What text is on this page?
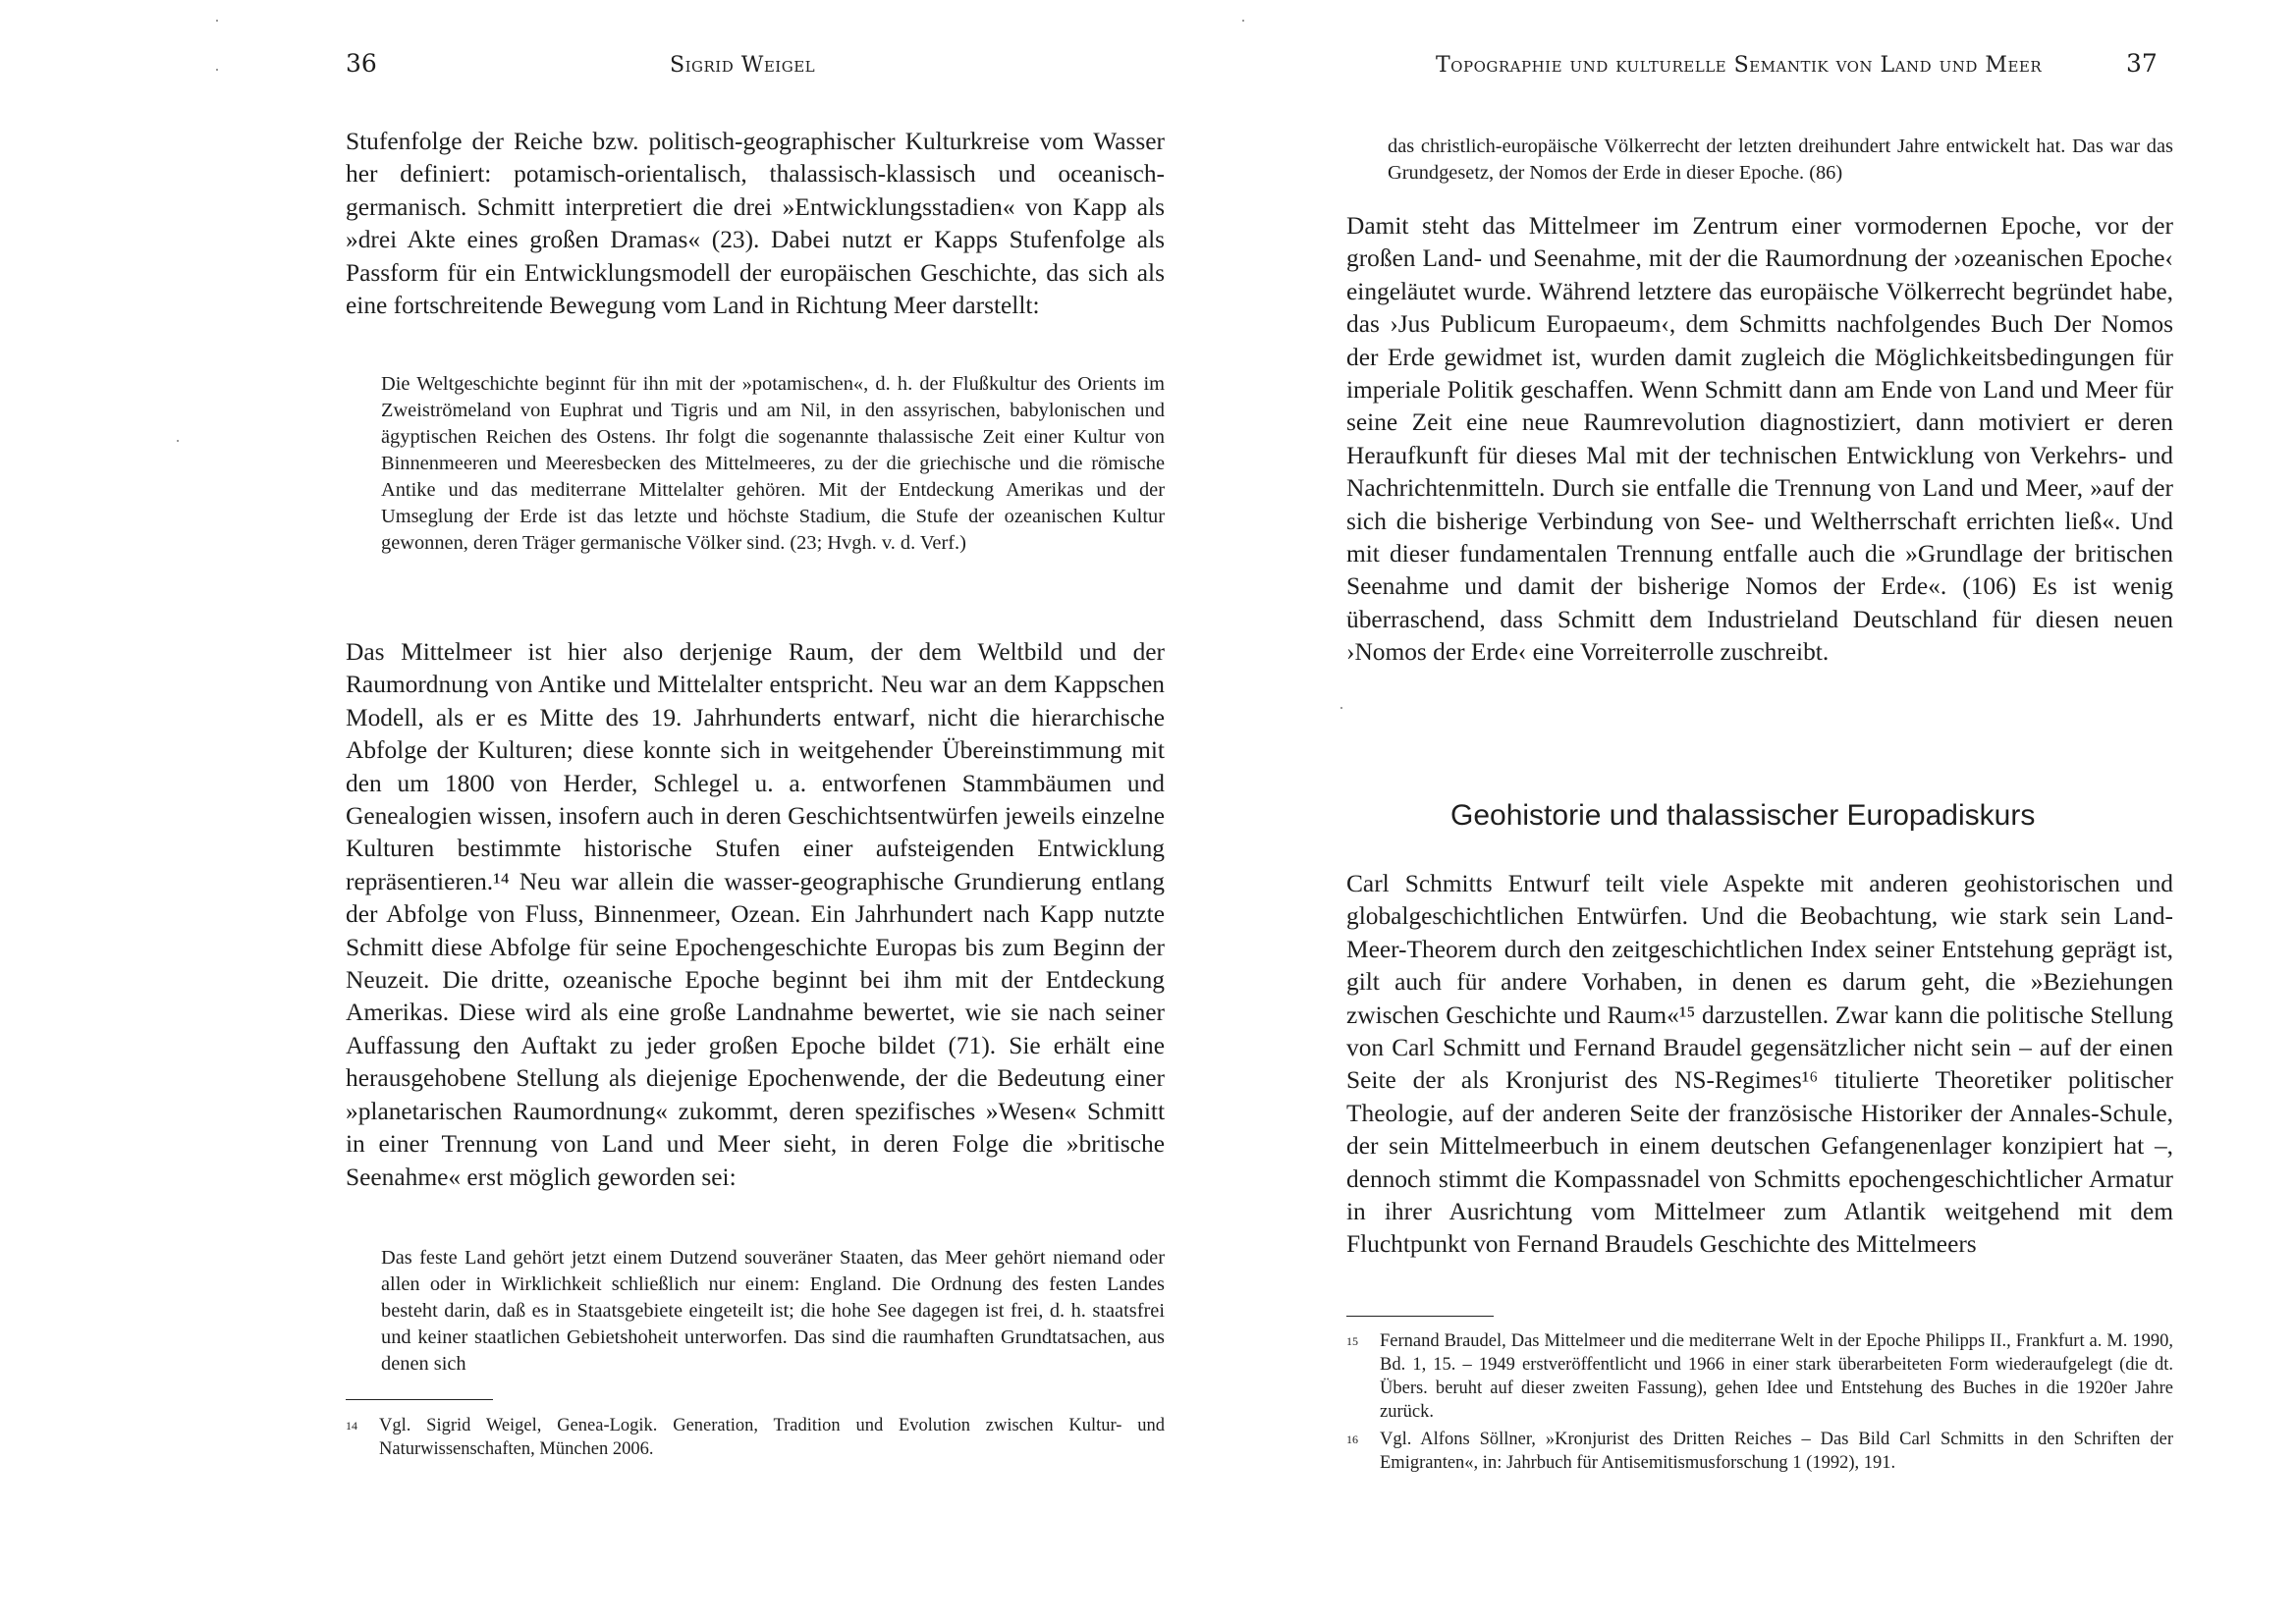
36	Sigrid Weigel
Stufenfolge der Reiche bzw. politisch-geographischer Kulturkreise vom Wasser her definiert: potamisch-orientalisch, thalassisch-klassisch und oceanisch-germanisch. Schmitt interpretiert die drei »Entwicklungsstadien« von Kapp als »drei Akte eines großen Dramas« (23). Dabei nutzt er Kapps Stufenfolge als Passform für ein Entwicklungsmodell der europäischen Geschichte, das sich als eine fortschreitende Bewegung vom Land in Richtung Meer darstellt:
Die Weltgeschichte beginnt für ihn mit der »potamischen«, d. h. der Flußkultur des Orients im Zweiströmeland von Euphrat und Tigris und am Nil, in den assyrischen, babylonischen und ägyptischen Reichen des Ostens. Ihr folgt die sogenannte thalassische Zeit einer Kultur von Binnenmeeren und Meeresbecken des Mittelmeeres, zu der die griechische und die römische Antike und das mediterrane Mittelalter gehören. Mit der Entdeckung Amerikas und der Umseglung der Erde ist das letzte und höchste Stadium, die Stufe der ozeanischen Kultur gewonnen, deren Träger germanische Völker sind. (23; Hvgh. v. d. Verf.)
Das Mittelmeer ist hier also derjenige Raum, der dem Weltbild und der Raumordnung von Antike und Mittelalter entspricht. Neu war an dem Kappschen Modell, als er es Mitte des 19. Jahrhunderts entwarf, nicht die hierarchische Abfolge der Kulturen; diese konnte sich in weitgehender Übereinstimmung mit den um 1800 von Herder, Schlegel u. a. entworfenen Stammbäumen und Genealogien wissen, insofern auch in deren Geschichtsentwürfen jeweils einzelne Kulturen bestimmte historische Stufen einer aufsteigenden Entwicklung repräsentieren.¹⁴ Neu war allein die wasser-geographische Grundierung entlang der Abfolge von Fluss, Binnenmeer, Ozean. Ein Jahrhundert nach Kapp nutzte Schmitt diese Abfolge für seine Epochengeschichte Europas bis zum Beginn der Neuzeit. Die dritte, ozeanische Epoche beginnt bei ihm mit der Entdeckung Amerikas. Diese wird als eine große Landnahme bewertet, wie sie nach seiner Auffassung den Auftakt zu jeder großen Epoche bildet (71). Sie erhält eine herausgehobene Stellung als diejenige Epochenwende, der die Bedeutung einer »planetarischen Raumordnung« zukommt, deren spezifisches »Wesen« Schmitt in einer Trennung von Land und Meer sieht, in deren Folge die »britische Seenahme« erst möglich geworden sei:
Das feste Land gehört jetzt einem Dutzend souveräner Staaten, das Meer gehört niemand oder allen oder in Wirklichkeit schließlich nur einem: England. Die Ordnung des festen Landes besteht darin, daß es in Staatsgebiete eingeteilt ist; die hohe See dagegen ist frei, d. h. staatsfrei und keiner staatlichen Gebietshoheit unterworfen. Das sind die raumhaften Grundtatsachen, aus denen sich
14	Vgl. Sigrid Weigel, Genea-Logik. Generation, Tradition und Evolution zwischen Kultur- und Naturwissenschaften, München 2006.
Topographie und kulturelle Semantik von Land und Meer	37
das christlich-europäische Völkerrecht der letzten dreihundert Jahre entwickelt hat. Das war das Grundgesetz, der Nomos der Erde in dieser Epoche. (86)
Damit steht das Mittelmeer im Zentrum einer vormodernen Epoche, vor der großen Land- und Seenahme, mit der die Raumordnung der ›ozeanischen Epoche‹ eingeläutet wurde. Während letztere das europäische Völkerrecht begründet habe, das ›Jus Publicum Europaeum‹, dem Schmitts nachfolgendes Buch Der Nomos der Erde gewidmet ist, wurden damit zugleich die Möglichkeitsbedingungen für imperiale Politik geschaffen. Wenn Schmitt dann am Ende von Land und Meer für seine Zeit eine neue Raumrevolution diagnostiziert, dann motiviert er deren Heraufkunft für dieses Mal mit der technischen Entwicklung von Verkehrs- und Nachrichtenmitteln. Durch sie entfalle die Trennung von Land und Meer, »auf der sich die bisherige Verbindung von See- und Weltherrschaft errichten ließ«. Und mit dieser fundamentalen Trennung entfalle auch die »Grundlage der britischen Seenahme und damit der bisherige Nomos der Erde«. (106) Es ist wenig überraschend, dass Schmitt dem Industrieland Deutschland für diesen neuen ›Nomos der Erde‹ eine Vorreiterrolle zuschreibt.
Geohistorie und thalassischer Europadiskurs
Carl Schmitts Entwurf teilt viele Aspekte mit anderen geohistorischen und globalgeschichtlichen Entwürfen. Und die Beobachtung, wie stark sein Land-Meer-Theorem durch den zeitgeschichtlichen Index seiner Entstehung geprägt ist, gilt auch für andere Vorhaben, in denen es darum geht, die »Beziehungen zwischen Geschichte und Raum«¹⁵ darzustellen. Zwar kann die politische Stellung von Carl Schmitt und Fernand Braudel gegensätzlicher nicht sein – auf der einen Seite der als Kronjurist des NS-Regimes¹⁶ titulierte Theoretiker politischer Theologie, auf der anderen Seite der französische Historiker der Annales-Schule, der sein Mittelmeerbuch in einem deutschen Gefangenenlager konzipiert hat –, dennoch stimmt die Kompassnadel von Schmitts epochengeschichtlicher Armatur in ihrer Ausrichtung vom Mittelmeer zum Atlantik weitgehend mit dem Fluchtpunkt von Fernand Braudels Geschichte des Mittelmeers
15	Fernand Braudel, Das Mittelmeer und die mediterrane Welt in der Epoche Philipps II., Frankfurt a. M. 1990, Bd. 1, 15. – 1949 erstveröffentlicht und 1966 in einer stark überarbeiteten Form wiederaufgelegt (die dt. Übers. beruht auf dieser zweiten Fassung), gehen Idee und Entstehung des Buches in die 1920er Jahre zurück.
16	Vgl. Alfons Söllner, »Kronjurist des Dritten Reiches – Das Bild Carl Schmitts in den Schriften der Emigranten«, in: Jahrbuch für Antisemitismusforschung 1 (1992), 191.
